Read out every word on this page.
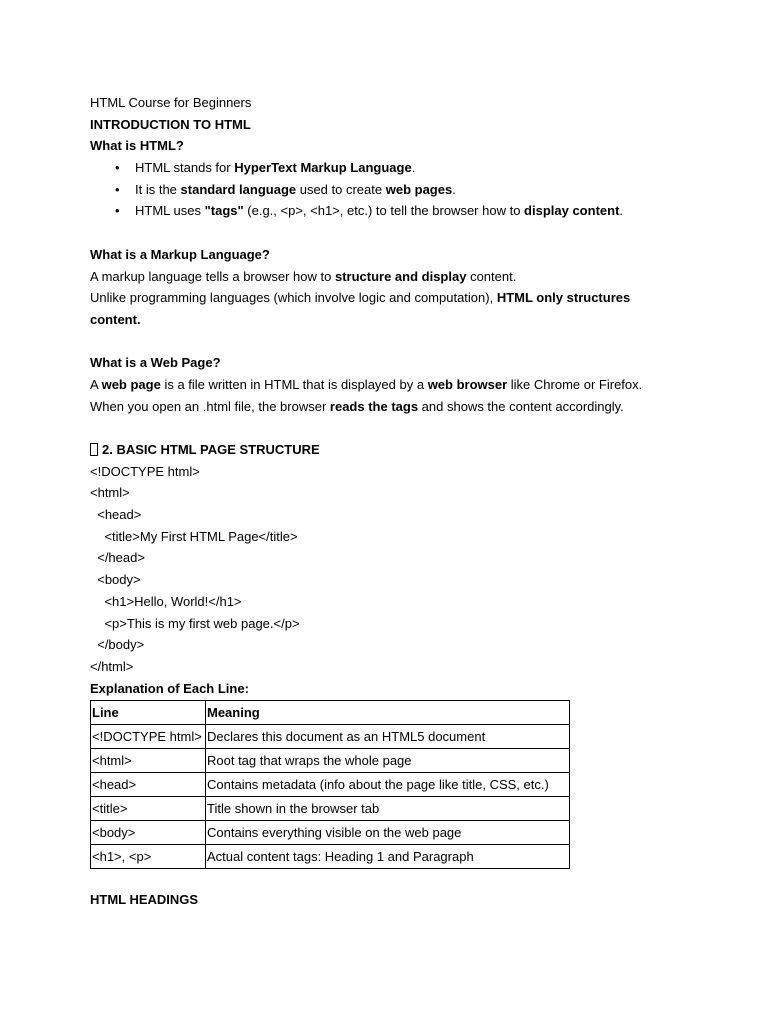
HTML Course for Beginners
INTRODUCTION TO HTML
What is HTML?
• HTML stands for HyperText Markup Language.
• It is the standard language used to create web pages.
• HTML uses "tags" (e.g., <p>, <h1>, etc.) to tell the browser how to display content.
What is a Markup Language?
A markup language tells a browser how to structure and display content.
Unlike programming languages (which involve logic and computation), HTML only structures
content.
What is a Web Page?
A web page is a file written in HTML that is displayed by a web browser like Chrome or Firefox.
When you open an .html file, the browser reads the tags and shows the content accordingly.
2. BASIC HTML PAGE STRUCTURE
<!DOCTYPE html>
<html>
<head>
<title>My First HTML Page</title>
</head>
<body>
<h1>Hello, World!</h1>
<p>This is my first web page.</p>
</body>
</html>
Explanation of Each Line:
Line	Meaning
<!DOCTYPE html>	Declares this document as an HTML5 document
<html>	Root tag that wraps the whole page
<head>	Contains metadata (info about the page like title, CSS, etc.)
<title>	Title shown in the browser tab
<body>	Contains everything visible on the web page
<h1>, <p>	Actual content tags: Heading 1 and Paragraph
HTML HEADINGS
